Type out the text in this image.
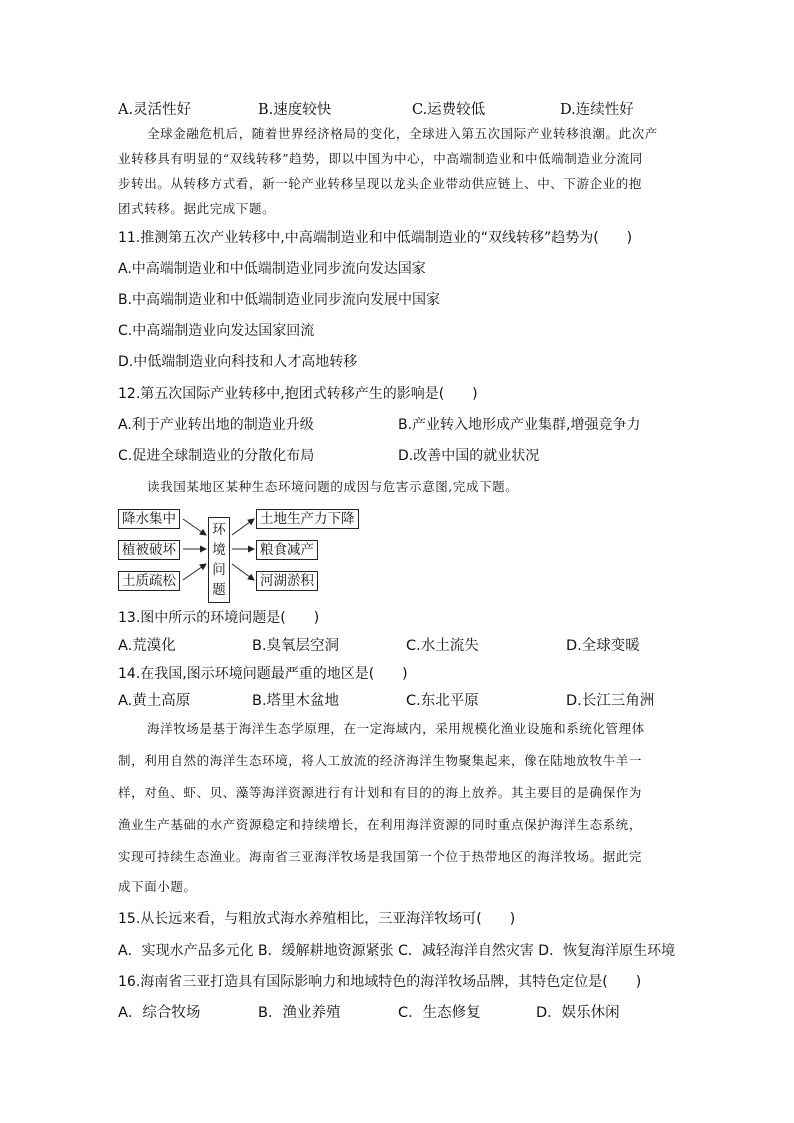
A.灵活性好	B.速度较快	C.运费较低	D.连续性好
全球金融危机后，随着世界经济格局的变化，全球进入第五次国际产业转移浪潮。此次产
业转移具有明显的“双线转移”趋势，即以中国为中心，中高端制造业和中低端制造业分流同
步转出。从转移方式看，新一轮产业转移呈现以龙头企业带动供应链上、中、下游企业的抱
团式转移。据此完成下题。
11.推测第五次产业转移中,中高端制造业和中低端制造业的“双线转移”趋势为(　　)
A.中高端制造业和中低端制造业同步流向发达国家
B.中高端制造业和中低端制造业同步流向发展中国家
C.中高端制造业向发达国家回流
D.中低端制造业向科技和人才高地转移
12.第五次国际产业转移中,抱团式转移产生的影响是(　　)
A.利于产业转出地的制造业升级	B.产业转入地形成产业集群,增强竞争力
C.促进全球制造业的分散化布局	D.改善中国的就业状况
读我国某地区某种生态环境问题的成因与危害示意图,完成下题。
降水集中
植被破坏
土质疏松
环
境
问
题
土地生产力下降
粮食减产
河湖淤积
13.图中所示的环境问题是(　　)
A.荒漠化	B.臭氧层空洞	C.水土流失	D.全球变暖
14.在我国,图示环境问题最严重的地区是(　　)
A.黄土高原	B.塔里木盆地	C.东北平原	D.长江三角洲
海洋牧场是基于海洋生态学原理，在一定海域内，采用规模化渔业设施和系统化管理体
制，利用自然的海洋生态环境，将人工放流的经济海洋生物聚集起来，像在陆地放牧牛羊一
样，对鱼、虾、贝、藻等海洋资源进行有计划和有目的的海上放养。其主要目的是确保作为
渔业生产基础的水产资源稳定和持续增长，在利用海洋资源的同时重点保护海洋生态系统，
实现可持续生态渔业。海南省三亚海洋牧场是我国第一个位于热带地区的海洋牧场。据此完
成下面小题。
15.从长远来看，与粗放式海水养殖相比，三亚海洋牧场可(　　)
A．实现水产品多元化 B．缓解耕地资源紧张 C．减轻海洋自然灾害 D．恢复海洋原生环境
16.海南省三亚打造具有国际影响力和地域特色的海洋牧场品牌，其特色定位是(　　)
A．综合牧场	B．渔业养殖	C．生态修复	D．娱乐休闲
